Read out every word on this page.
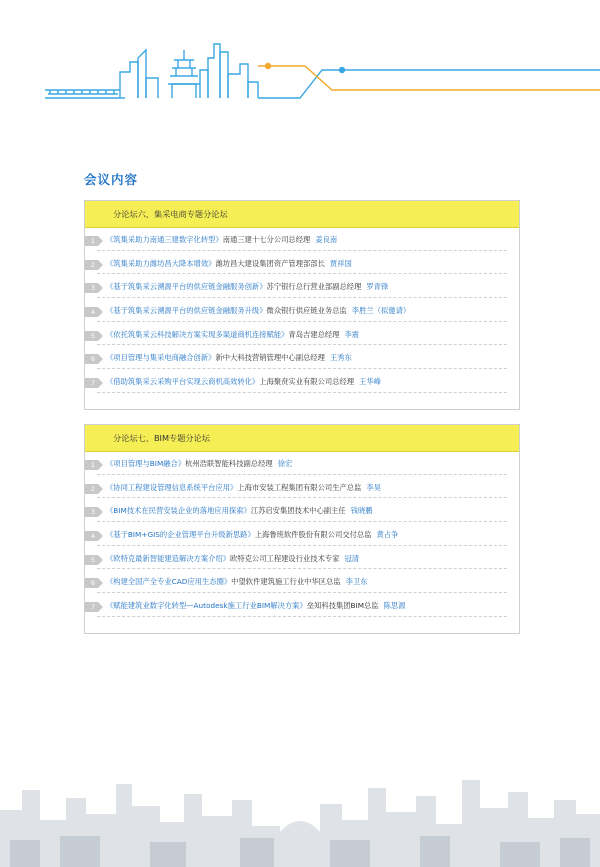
会议内容
分论坛六、集采电商专题分论坛
1	《筑集采助力南通三建数字化转型》南通三建十七分公司总经理 姜良南
2	《筑集采助力潍坊昌大降本增效》潍坊昌大建设集团资产管理部部长 贾祥国
3	《基于筑集采云溯源平台的供应链金融服务创新》苏宁银行总行营业部副总经理 罗青锋
4	《基于筑集采云溯源平台的供应链金融服务升级》微众银行供应链业务总监 李胜兰（拟邀请）
5	《依托筑集采云科技解决方案实现多渠道商机连接赋能》青岛吉建总经理 李震
6	《项目管理与集采电商融合创新》新中大科技营销管理中心副总经理 王秀东
7	《借助筑集采云采购平台实现云商机高效转化》上海聚贲实业有限公司总经理 王华峰
分论坛七、BIM专题分论坛
1	《项目管理与BIM融合》杭州浩联智能科技副总经理 徐宏
2	《协同工程建设管理信息系统平台应用》上海市安装工程集团有限公司生产总监 李昊
3	《BIM技术在民营安装企业的落地应用探索》江苏启安集团技术中心副主任 钱晓鹏
4	《基于BIM+GIS的企业管理平台升级新思路》上海鲁班软件股份有限公司交付总监 黄占争
5	《欧特克最新智能建造解决方案介绍》欧特克公司工程建设行业技术专家 冠清
6	《构建全国产全专业CAD应用生态圈》中望软件建筑施工行业中华区总监 李卫东
7	《赋能建筑业数字化转型—Autodesk施工行业BIM解决方案》垒知科技集团BIM总监 陈思源
